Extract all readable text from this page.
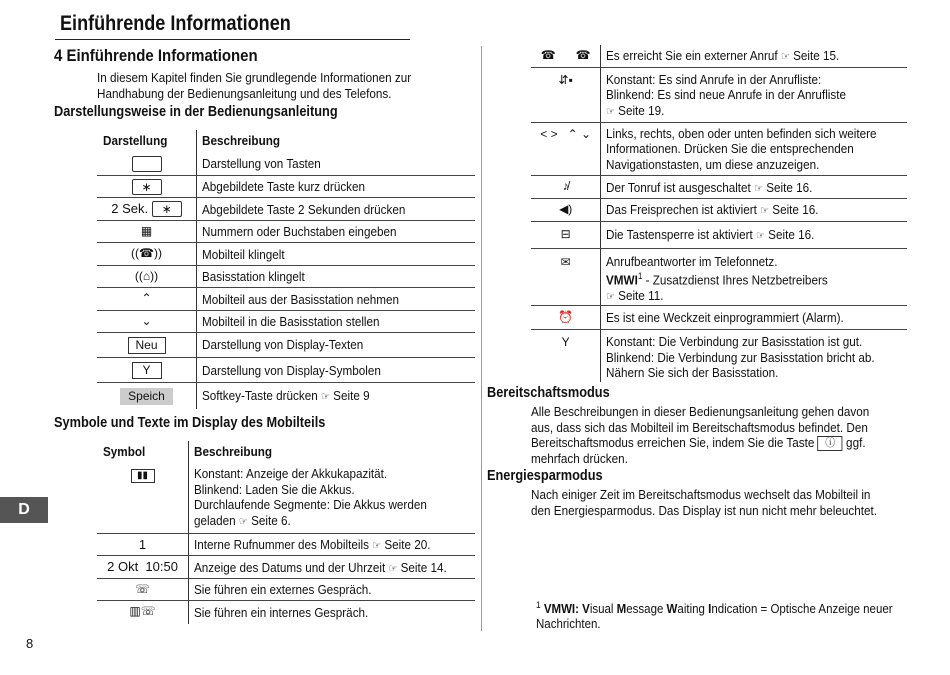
Einführende Informationen
4 Einführende Informationen
In diesem Kapitel finden Sie grundlegende Informationen zur Handhabung der Bedienungsanleitung und des Telefons.
Darstellungsweise in der Bedienungsanleitung
Darstellung	Beschreibung
	Darstellung von Tasten
∗	Abgebildete Taste kurz drücken
2 Sek. ∗	Abgebildete Taste 2 Sekunden drücken
▦	Nummern oder Buchstaben eingeben
((☎))	Mobilteil klingelt
((⌂))	Basisstation klingelt
⌃	Mobilteil aus der Basisstation nehmen
⌄	Mobilteil in die Basisstation stellen
Neu	Darstellung von Display-Texten
Y	Darstellung von Display-Symbolen
Speich	Softkey-Taste drücken ☞ Seite 9
Symbole und Texte im Display des Mobilteils
Symbol	Beschreibung
▮▮	Konstant: Anzeige der Akkukapazität.
Blinkend: Laden Sie die Akkus.
Durchlaufende Segmente: Die Akkus werden
geladen ☞ Seite 6.
1	Interne Rufnummer des Mobilteils ☞ Seite 20.
2 Okt  10:50	Anzeige des Datums und der Uhrzeit ☞ Seite 14.
☏	Sie führen ein externes Gespräch.
▥☏	Sie führen ein internes Gespräch.
☎      ☎	Es erreicht Sie ein externer Anruf ☞ Seite 15.
⇵▪	Konstant: Es sind Anrufe in der Anrufliste:
Blinkend: Es sind neue Anrufe in der Anrufliste
☞ Seite 19.
< >   ⌃ ⌄	Links, rechts, oben oder unten befinden sich weitere
Informationen. Drücken Sie die entsprechenden
Navigationstasten, um diese anzuzeigen.
♪̸	Der Tonruf ist ausgeschaltet ☞ Seite 16.
◀)	Das Freisprechen ist aktiviert ☞ Seite 16.
⊟	Die Tastensperre ist aktiviert ☞ Seite 16.
✉	Anrufbeantworter im Telefonnetz.
VMWI$^1$ - Zusatzdienst Ihres Netzbetreibers
☞ Seite 11.
⏰	Es ist eine Weckzeit einprogrammiert (Alarm).
Y	Konstant: Die Verbindung zur Basisstation ist gut.
Blinkend: Die Verbindung zur Basisstation bricht ab.
Nähern Sie sich der Basisstation.
Bereitschaftsmodus
Alle Beschreibungen in dieser Bedienungsanleitung gehen davon aus, dass sich das Mobilteil im Bereitschaftsmodus befindet. Den Bereitschaftsmodus erreichen Sie, indem Sie die Taste ⓘ ggf. mehrfach drücken.
Energiesparmodus
Nach einiger Zeit im Bereitschaftsmodus wechselt das Mobilteil in den Energiesparmodus. Das Display ist nun nicht mehr beleuchtet.
$^1$ VMWI: Visual Message Waiting Indication = Optische Anzeige neuer Nachrichten.
D
8
